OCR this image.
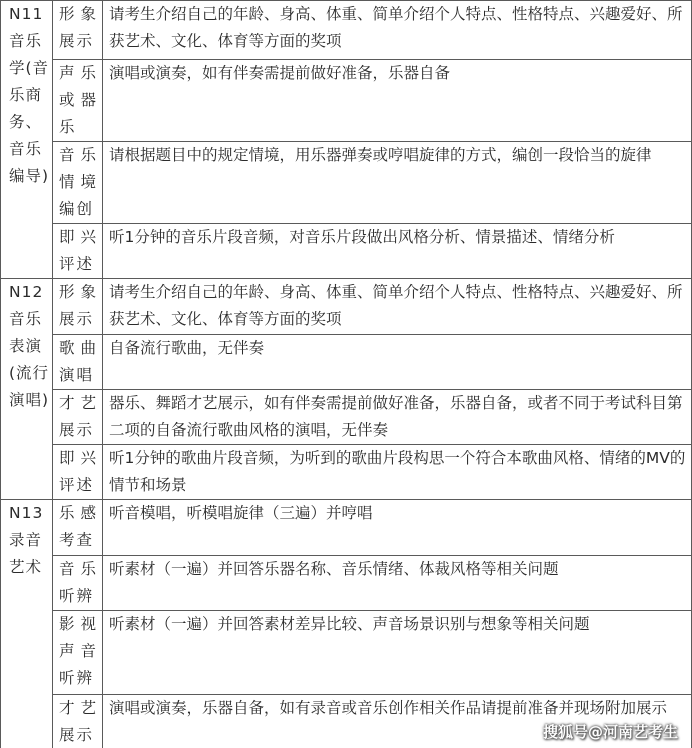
N11音乐学(音乐商务、音乐编导)	形象展示	请考生介绍自己的年龄、身高、体重、简单介绍个人特点、性格特点、兴趣爱好、所获艺术、文化、体育等方面的奖项

	声乐或器乐	演唱或演奏，如有伴奏需提前做好准备，乐器自备

	音乐情境编创	请根据题目中的规定情境，用乐器弹奏或哼唱旋律的方式，编创一段恰当的旋律

	即兴评述	听1分钟的音乐片段音频，对音乐片段做出风格分析、情景描述、情绪分析

N12音乐表演(流行演唱)	形象展示	请考生介绍自己的年龄、身高、体重、简单介绍个人特点、性格特点、兴趣爱好、所获艺术、文化、体育等方面的奖项

	歌曲演唱	自备流行歌曲，无伴奏

	才艺展示	器乐、舞蹈才艺展示，如有伴奏需提前做好准备，乐器自备，或者不同于考试科目第二项的自备流行歌曲风格的演唱，无伴奏

	即兴评述	听1分钟的歌曲片段音频，为听到的歌曲片段构思一个符合本歌曲风格、情绪的MV的情节和场景

N13录音艺术	乐感考查	听音模唱，听模唱旋律（三遍）并哼唱

	音乐听辨	听素材（一遍）并回答乐器名称、音乐情绪、体裁风格等相关问题

	影视声音听辨	听素材（一遍）并回答素材差异比较、声音场景识别与想象等相关问题

	才艺展示	演唱或演奏，乐器自备，如有录音或音乐创作相关作品请提前准备并现场附加展示
搜狐号@河南艺考生
